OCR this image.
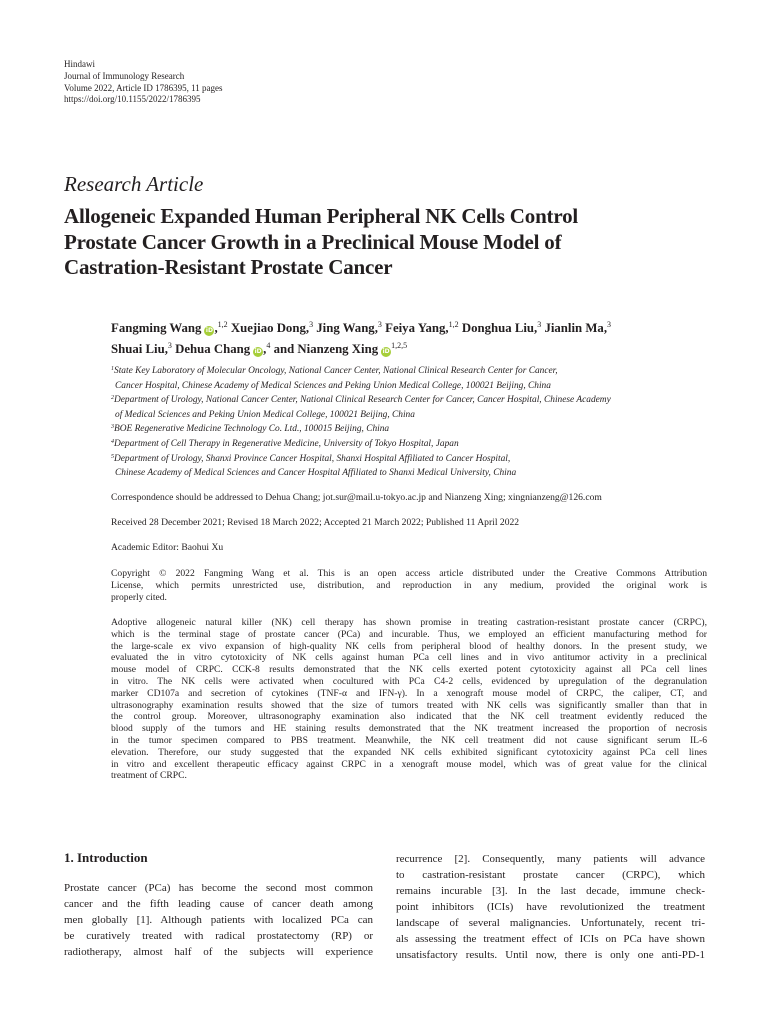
Hindawi
Journal of Immunology Research
Volume 2022, Article ID 1786395, 11 pages
https://doi.org/10.1155/2022/1786395
Research Article
Allogeneic Expanded Human Peripheral NK Cells Control
Prostate Cancer Growth in a Preclinical Mouse Model of
Castration-Resistant Prostate Cancer
Fangming Wang iD,$^{1,2}$ Xuejiao Dong,$^3$ Jing Wang,$^3$ Feiya Yang,$^{1,2}$ Donghua Liu,$^3$ Jianlin Ma,$^3$
Shuai Liu,$^3$ Dehua Chang iD,$^4$ and Nianzeng Xing iD$^{1,2,5}$
$^1$State Key Laboratory of Molecular Oncology, National Cancer Center, National Clinical Research Center for Cancer,
Cancer Hospital, Chinese Academy of Medical Sciences and Peking Union Medical College, 100021 Beijing, China
$^2$Department of Urology, National Cancer Center, National Clinical Research Center for Cancer, Cancer Hospital, Chinese Academy
of Medical Sciences and Peking Union Medical College, 100021 Beijing, China
$^3$BOE Regenerative Medicine Technology Co. Ltd., 100015 Beijing, China
$^4$Department of Cell Therapy in Regenerative Medicine, University of Tokyo Hospital, Japan
$^5$Department of Urology, Shanxi Province Cancer Hospital, Shanxi Hospital Affiliated to Cancer Hospital,
Chinese Academy of Medical Sciences and Cancer Hospital Affiliated to Shanxi Medical University, China
Correspondence should be addressed to Dehua Chang; jot.sur@mail.u-tokyo.ac.jp and Nianzeng Xing; xingnianzeng@126.com
Received 28 December 2021; Revised 18 March 2022; Accepted 21 March 2022; Published 11 April 2022
Academic Editor: Baohui Xu
Copyright © 2022 Fangming Wang et al. This is an open access article distributed under the Creative Commons Attribution
License, which permits unrestricted use, distribution, and reproduction in any medium, provided the original work is
properly cited.
Adoptive allogeneic natural killer (NK) cell therapy has shown promise in treating castration-resistant prostate cancer (CRPC),
which is the terminal stage of prostate cancer (PCa) and incurable. Thus, we employed an efficient manufacturing method for
the large-scale ex vivo expansion of high-quality NK cells from peripheral blood of healthy donors. In the present study, we
evaluated the in vitro cytotoxicity of NK cells against human PCa cell lines and in vivo antitumor activity in a preclinical
mouse model of CRPC. CCK-8 results demonstrated that the NK cells exerted potent cytotoxicity against all PCa cell lines
in vitro. The NK cells were activated when cocultured with PCa C4-2 cells, evidenced by upregulation of the degranulation
marker CD107a and secretion of cytokines (TNF-α and IFN-γ). In a xenograft mouse model of CRPC, the caliper, CT, and
ultrasonography examination results showed that the size of tumors treated with NK cells was significantly smaller than that in
the control group. Moreover, ultrasonography examination also indicated that the NK cell treatment evidently reduced the
blood supply of the tumors and HE staining results demonstrated that the NK treatment increased the proportion of necrosis
in the tumor specimen compared to PBS treatment. Meanwhile, the NK cell treatment did not cause significant serum IL-6
elevation. Therefore, our study suggested that the expanded NK cells exhibited significant cytotoxicity against PCa cell lines
in vitro and excellent therapeutic efficacy against CRPC in a xenograft mouse model, which was of great value for the clinical
treatment of CRPC.
1. Introduction
Prostate cancer (PCa) has become the second most common
cancer and the fifth leading cause of cancer death among
men globally [1]. Although patients with localized PCa can
be curatively treated with radical prostatectomy (RP) or
radiotherapy, almost half of the subjects will experience
recurrence [2]. Consequently, many patients will advance
to castration-resistant prostate cancer (CRPC), which
remains incurable [3]. In the last decade, immune check-
point inhibitors (ICIs) have revolutionized the treatment
landscape of several malignancies. Unfortunately, recent tri-
als assessing the treatment effect of ICIs on PCa have shown
unsatisfactory results. Until now, there is only one anti-PD-1
